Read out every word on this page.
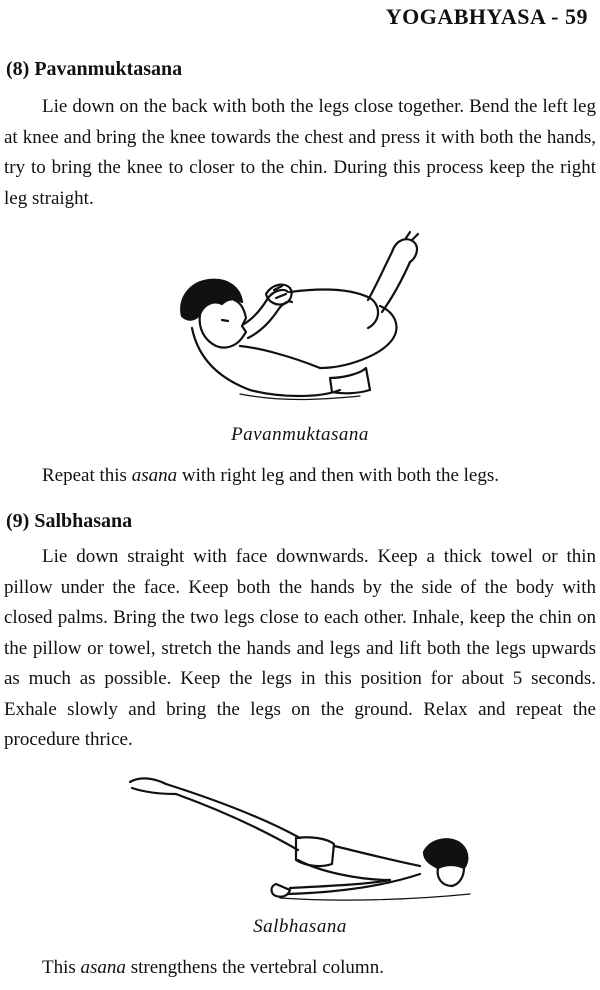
YOGABHYASA - 59
(8) Pavanmuktasana
Lie down on the back with both the legs close together. Bend the left leg at knee and bring the knee towards the chest and press it with both the hands, try to bring the knee to closer to the chin. During this process keep the right leg straight.
Pavanmuktasana
Repeat this asana with right leg and then with both the legs.
(9) Salbhasana
Lie down straight with face downwards. Keep a thick towel or thin pillow under the face. Keep both the hands by the side of the body with closed palms. Bring the two legs close to each other. Inhale, keep the chin on the pillow or towel, stretch the hands and legs and lift both the legs upwards as much as possible. Keep the legs in this position for about 5 seconds. Exhale slowly and bring the legs on the ground. Relax and repeat the procedure thrice.
Salbhasana
This asana strengthens the vertebral column.
